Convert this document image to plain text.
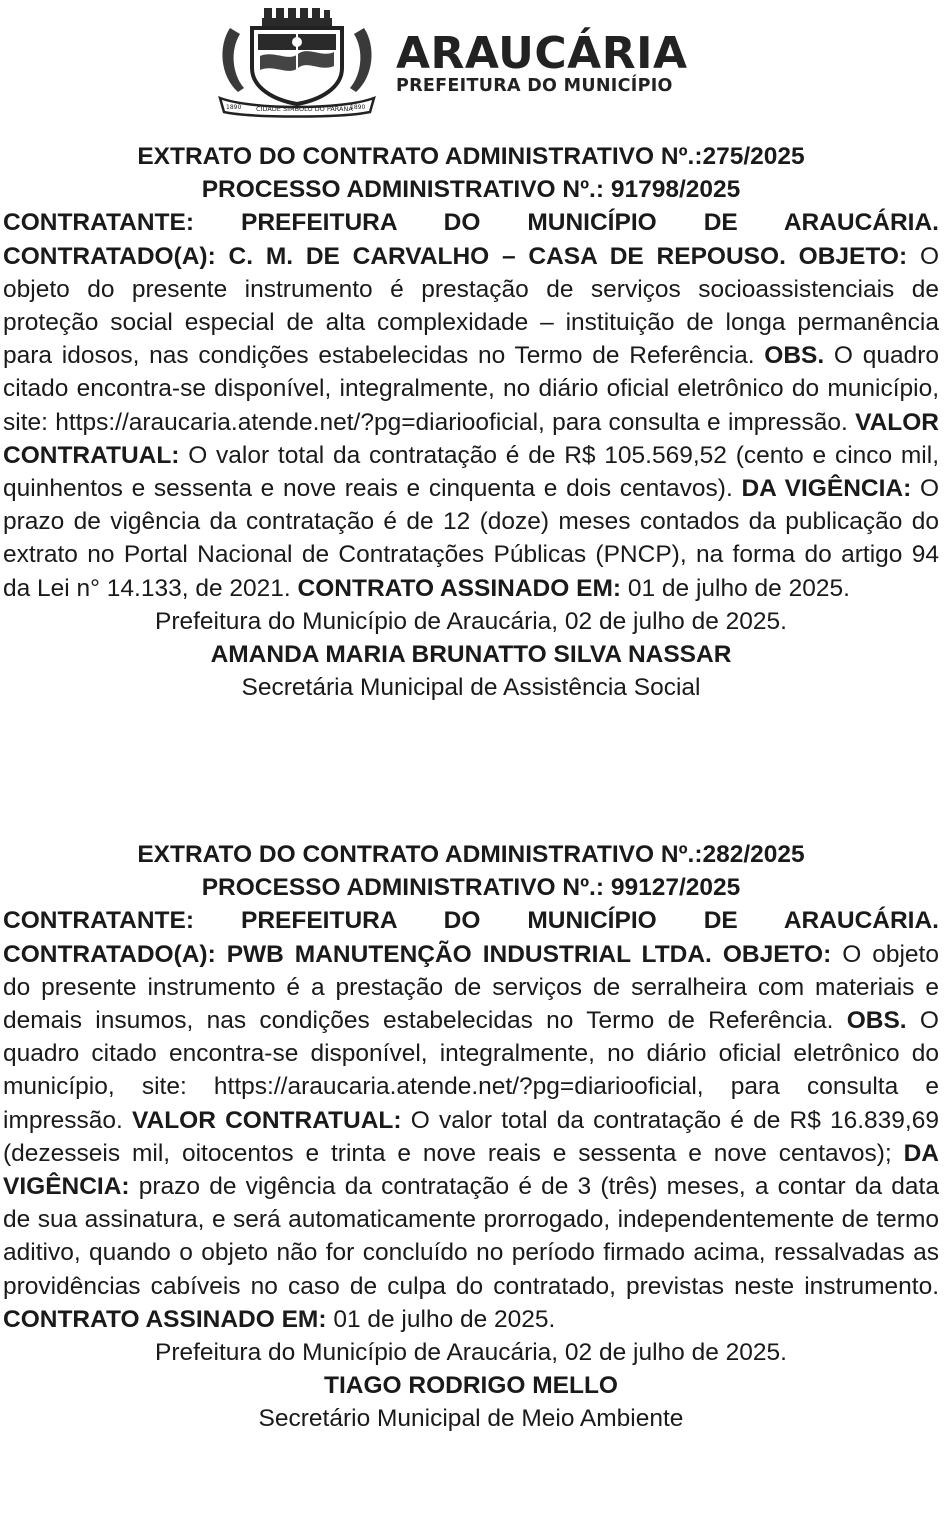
1890 CIDADE SIMBOLO DO PARANÁ
1890
ARAUCÁRIA
PREFEITURA DO MUNICÍPIO
EXTRATO DO CONTRATO ADMINISTRATIVO Nº.:275/2025
PROCESSO ADMINISTRATIVO Nº.: 91798/2025

CONTRATANTE: PREFEITURA DO MUNICÍPIO DE ARAUCÁRIA. CONTRATADO(A): C. M. DE CARVALHO – CASA DE REPOUSO. OBJETO: O objeto do presente instrumento é prestação de serviços socioassistenciais de proteção social especial de alta complexidade – instituição de longa permanência para idosos, nas condições estabelecidas no Termo de Referência. OBS. O quadro citado encontra-se disponível, integralmente, no diário oficial eletrônico do município, site: https://araucaria.atende.net/?pg=diariooficial, para consulta e impressão. VALOR CONTRATUAL: O valor total da contratação é de R$ 105.569,52 (cento e cinco mil, quinhentos e sessenta e nove reais e cinquenta e dois centavos). DA VIGÊNCIA: O prazo de vigência da contratação é de 12 (doze) meses contados da publicação do extrato no Portal Nacional de Contratações Públicas (PNCP), na forma do artigo 94 da Lei n° 14.133, de 2021. CONTRATO ASSINADO EM: 01 de julho de 2025.

Prefeitura do Município de Araucária, 02 de julho de 2025.
AMANDA MARIA BRUNATTO SILVA NASSAR
Secretária Municipal de Assistência Social
EXTRATO DO CONTRATO ADMINISTRATIVO Nº.:282/2025
PROCESSO ADMINISTRATIVO Nº.: 99127/2025

CONTRATANTE: PREFEITURA DO MUNICÍPIO DE ARAUCÁRIA. CONTRATADO(A): PWB MANUTENÇÃO INDUSTRIAL LTDA. OBJETO: O objeto do presente instrumento é a prestação de serviços de serralheira com materiais e demais insumos, nas condições estabelecidas no Termo de Referência. OBS. O quadro citado encontra-se disponível, integralmente, no diário oficial eletrônico do município, site: https://araucaria.atende.net/?pg=diariooficial, para consulta e impressão. VALOR CONTRATUAL: O valor total da contratação é de R$ 16.839,69 (dezesseis mil, oitocentos e trinta e nove reais e sessenta e nove centavos); DA VIGÊNCIA: prazo de vigência da contratação é de 3 (três) meses, a contar da data de sua assinatura, e será automaticamente prorrogado, independentemente de termo aditivo, quando o objeto não for concluído no período firmado acima, ressalvadas as providências cabíveis no caso de culpa do contratado, previstas neste instrumento. CONTRATO ASSINADO EM: 01 de julho de 2025.

Prefeitura do Município de Araucária, 02 de julho de 2025.
TIAGO RODRIGO MELLO
Secretário Municipal de Meio Ambiente
